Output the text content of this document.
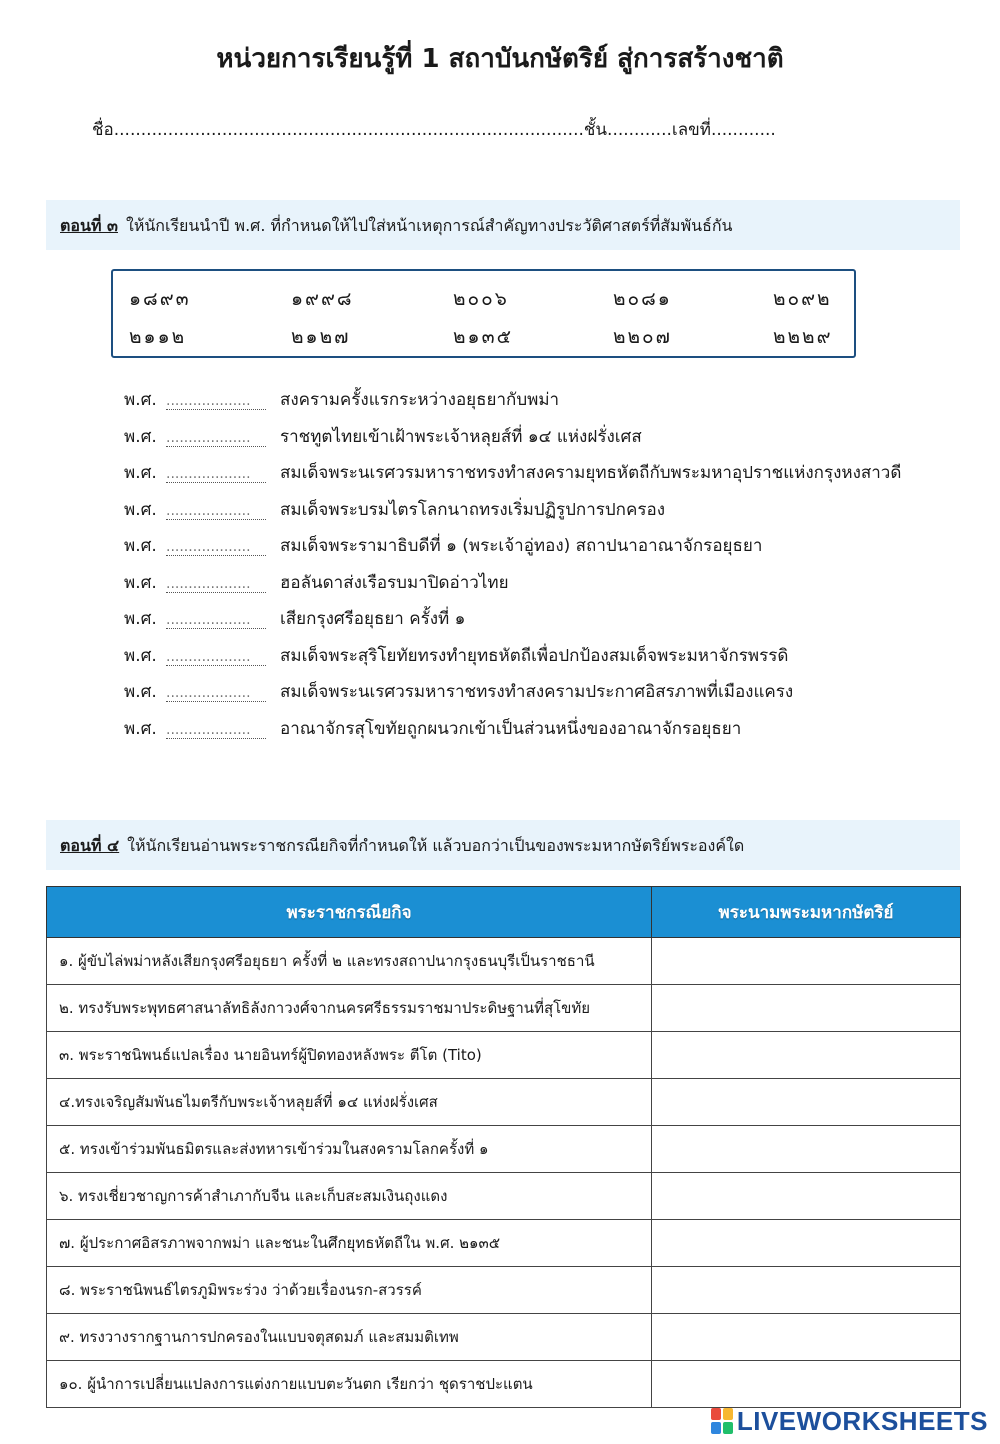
หน่วยการเรียนรู้ที่ 1 สถาบันกษัตริย์ สู่การสร้างชาติ
ชื่อ.......................................................................................ชั้น............เลขที่............
ตอนที่ ๓ ให้นักเรียนนำปี พ.ศ. ที่กำหนดให้ไปใส่หน้าเหตุการณ์สำคัญทางประวัติศาสตร์ที่สัมพันธ์กัน
๑๘๙๓	๑๙๙๘	๒๐๐๖	๒๐๘๑	๒๐๙๒
๒๑๑๒	๒๑๒๗	๒๑๓๕	๒๒๐๗	๒๒๒๙
พ.ศ....................	สงครามครั้งแรกระหว่างอยุธยากับพม่า
พ.ศ....................	ราชทูตไทยเข้าเฝ้าพระเจ้าหลุยส์ที่ ๑๔ แห่งฝรั่งเศส
พ.ศ....................	สมเด็จพระนเรศวรมหาราชทรงทำสงครามยุทธหัตถีกับพระมหาอุปราชแห่งกรุงหงสาวดี
พ.ศ....................	สมเด็จพระบรมไตรโลกนาถทรงเริ่มปฏิรูปการปกครอง
พ.ศ....................	สมเด็จพระรามาธิบดีที่ ๑ (พระเจ้าอู่ทอง) สถาปนาอาณาจักรอยุธยา
พ.ศ....................	ฮอลันดาส่งเรือรบมาปิดอ่าวไทย
พ.ศ....................	เสียกรุงศรีอยุธยา ครั้งที่ ๑
พ.ศ....................	สมเด็จพระสุริโยทัยทรงทำยุทธหัตถีเพื่อปกป้องสมเด็จพระมหาจักรพรรดิ
พ.ศ....................	สมเด็จพระนเรศวรมหาราชทรงทำสงครามประกาศอิสรภาพที่เมืองแครง
พ.ศ....................	อาณาจักรสุโขทัยถูกผนวกเข้าเป็นส่วนหนึ่งของอาณาจักรอยุธยา
ตอนที่ ๔ ให้นักเรียนอ่านพระราชกรณียกิจที่กำหนดให้ แล้วบอกว่าเป็นของพระมหากษัตริย์พระองค์ใด
พระราชกรณียกิจ	พระนามพระมหากษัตริย์
๑. ผู้ขับไล่พม่าหลังเสียกรุงศรีอยุธยา ครั้งที่ ๒ และทรงสถาปนากรุงธนบุรีเป็นราชธานี	
๒. ทรงรับพระพุทธศาสนาลัทธิลังกาวงศ์จากนครศรีธรรมราชมาประดิษฐานที่สุโขทัย	
๓. พระราชนิพนธ์แปลเรื่อง นายอินทร์ผู้ปิดทองหลังพระ ตีโต (Tito)	
๔.ทรงเจริญสัมพันธไมตรีกับพระเจ้าหลุยส์ที่ ๑๔ แห่งฝรั่งเศส	
๕. ทรงเข้าร่วมพันธมิตรและส่งทหารเข้าร่วมในสงครามโลกครั้งที่ ๑	
๖. ทรงเชี่ยวชาญการค้าสำเภากับจีน และเก็บสะสมเงินถุงแดง	
๗. ผู้ประกาศอิสรภาพจากพม่า และชนะในศึกยุทธหัตถีใน พ.ศ. ๒๑๓๕	
๘. พระราชนิพนธ์ไตรภูมิพระร่วง ว่าด้วยเรื่องนรก-สวรรค์	
๙. ทรงวางรากฐานการปกครองในแบบจตุสดมภ์ และสมมติเทพ	
๑๐. ผู้นำการเปลี่ยนแปลงการแต่งกายแบบตะวันตก เรียกว่า ชุดราชปะแตน	
LIVEWORKSHEETS
